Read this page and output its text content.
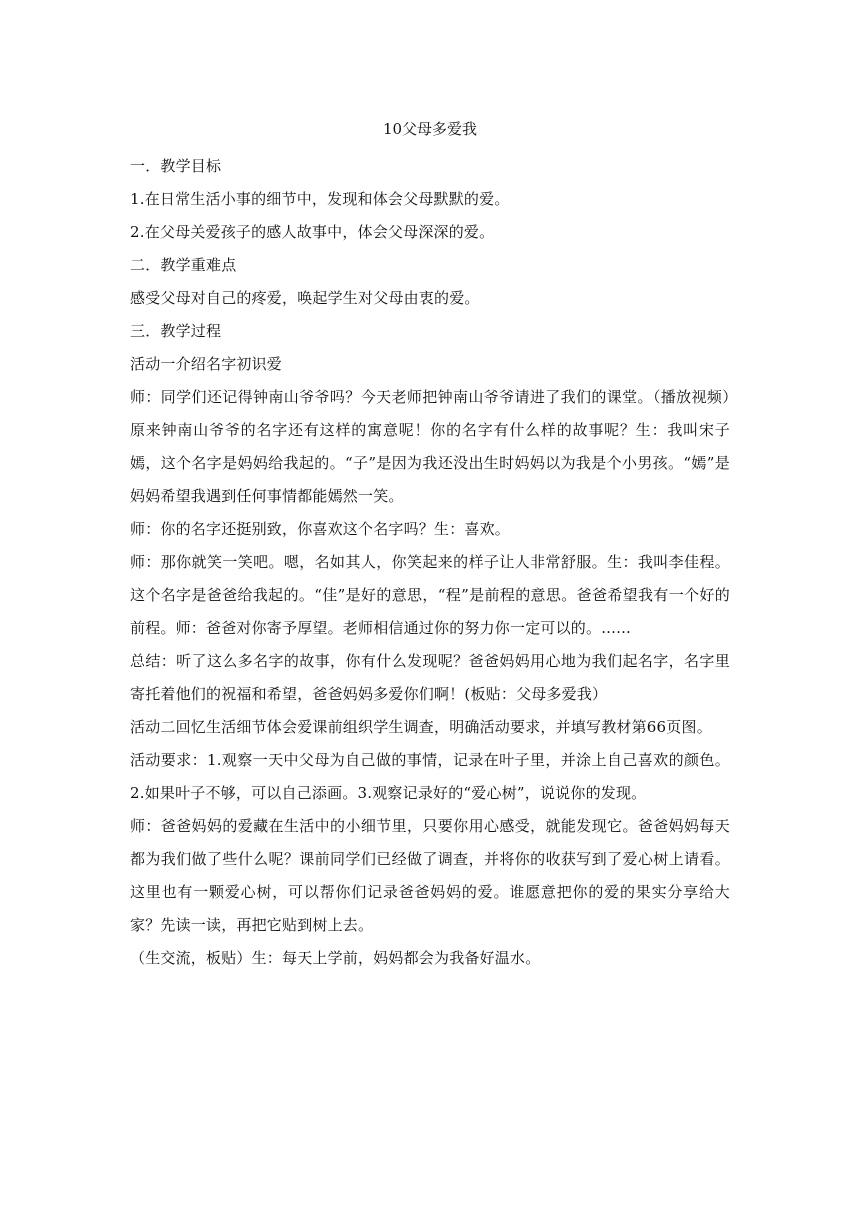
10父母多爱我

一．教学目标

1.在日常生活小事的细节中，发现和体会父母默默的爱。

2.在父母关爱孩子的感人故事中，体会父母深深的爱。

二．教学重难点

感受父母对自己的疼爱，唤起学生对父母由衷的爱。

三．教学过程

活动一介绍名字初识爱

师：同学们还记得钟南山爷爷吗？今天老师把钟南山爷爷请进了我们的课堂。（播放视频）原来钟南山爷爷的名字还有这样的寓意呢！你的名字有什么样的故事呢？生：我叫宋子嫣，这个名字是妈妈给我起的。“子”是因为我还没出生时妈妈以为我是个小男孩。“嫣”是妈妈希望我遇到任何事情都能嫣然一笑。

师：你的名字还挺别致，你喜欢这个名字吗？生：喜欢。

师：那你就笑一笑吧。嗯，名如其人，你笑起来的样子让人非常舒服。生：我叫李佳程。这个名字是爸爸给我起的。“佳”是好的意思，“程”是前程的意思。爸爸希望我有一个好的前程。师：爸爸对你寄予厚望。老师相信通过你的努力你一定可以的。......

总结：听了这么多名字的故事，你有什么发现呢？爸爸妈妈用心地为我们起名字，名字里寄托着他们的祝福和希望，爸爸妈妈多爱你们啊！(板贴：父母多爱我）

活动二回忆生活细节体会爱课前组织学生调查，明确活动要求，并填写教材第66页图。

活动要求：1.观察一天中父母为自己做的事情，记录在叶子里，并涂上自己喜欢的颜色。2.如果叶子不够，可以自己添画。3.观察记录好的“爱心树”，说说你的发现。

师：爸爸妈妈的爱藏在生活中的小细节里，只要你用心感受，就能发现它。爸爸妈妈每天都为我们做了些什么呢？课前同学们已经做了调查，并将你的收获写到了爱心树上请看。这里也有一颗爱心树，可以帮你们记录爸爸妈妈的爱。谁愿意把你的爱的果实分享给大家？先读一读，再把它贴到树上去。

（生交流，板贴）生：每天上学前，妈妈都会为我备好温水。
